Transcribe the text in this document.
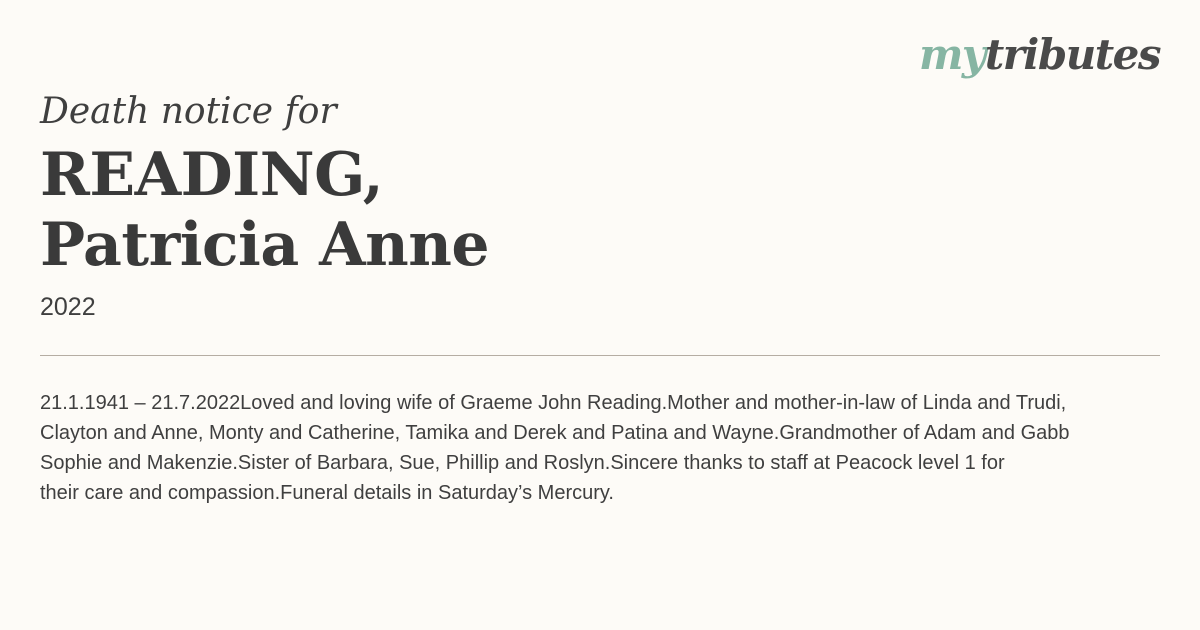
mytributes

Death notice for

READING,
Patricia Anne
2022

21.1.1941 – 21.7.2022Loved and loving wife of Graeme John Reading.Mother and mother-in-law of Linda and Trudi,
Clayton and Anne, Monty and Catherine, Tamika and Derek and Patina and Wayne.Grandmother of Adam and Gabb
Sophie and Makenzie.Sister of Barbara, Sue, Phillip and Roslyn.Sincere thanks to staff at Peacock level 1 for
their care and compassion.Funeral details in Saturday’s Mercury.
